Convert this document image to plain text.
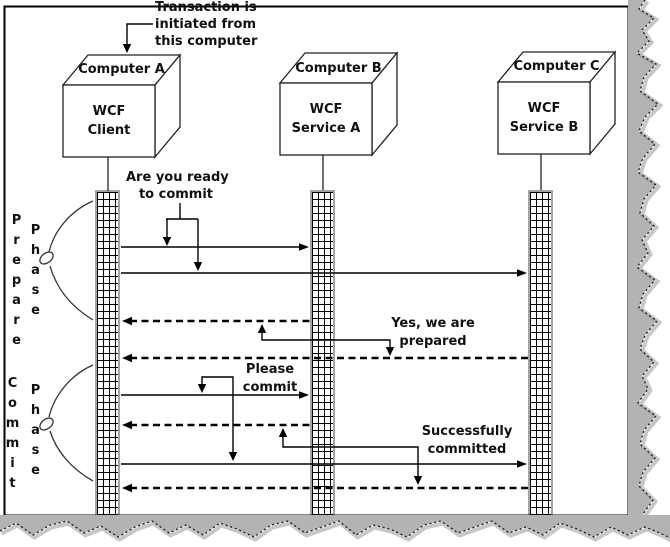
Transaction is
initiated from
this computer
Computer A	Computer B	Computer C
WCF
Client
WCF
Service A
WCF
Service B
Are you ready
to commit
Yes, we are
prepared
Please
commit
Successfully
committed
Prepare Phase
Commit Phase
